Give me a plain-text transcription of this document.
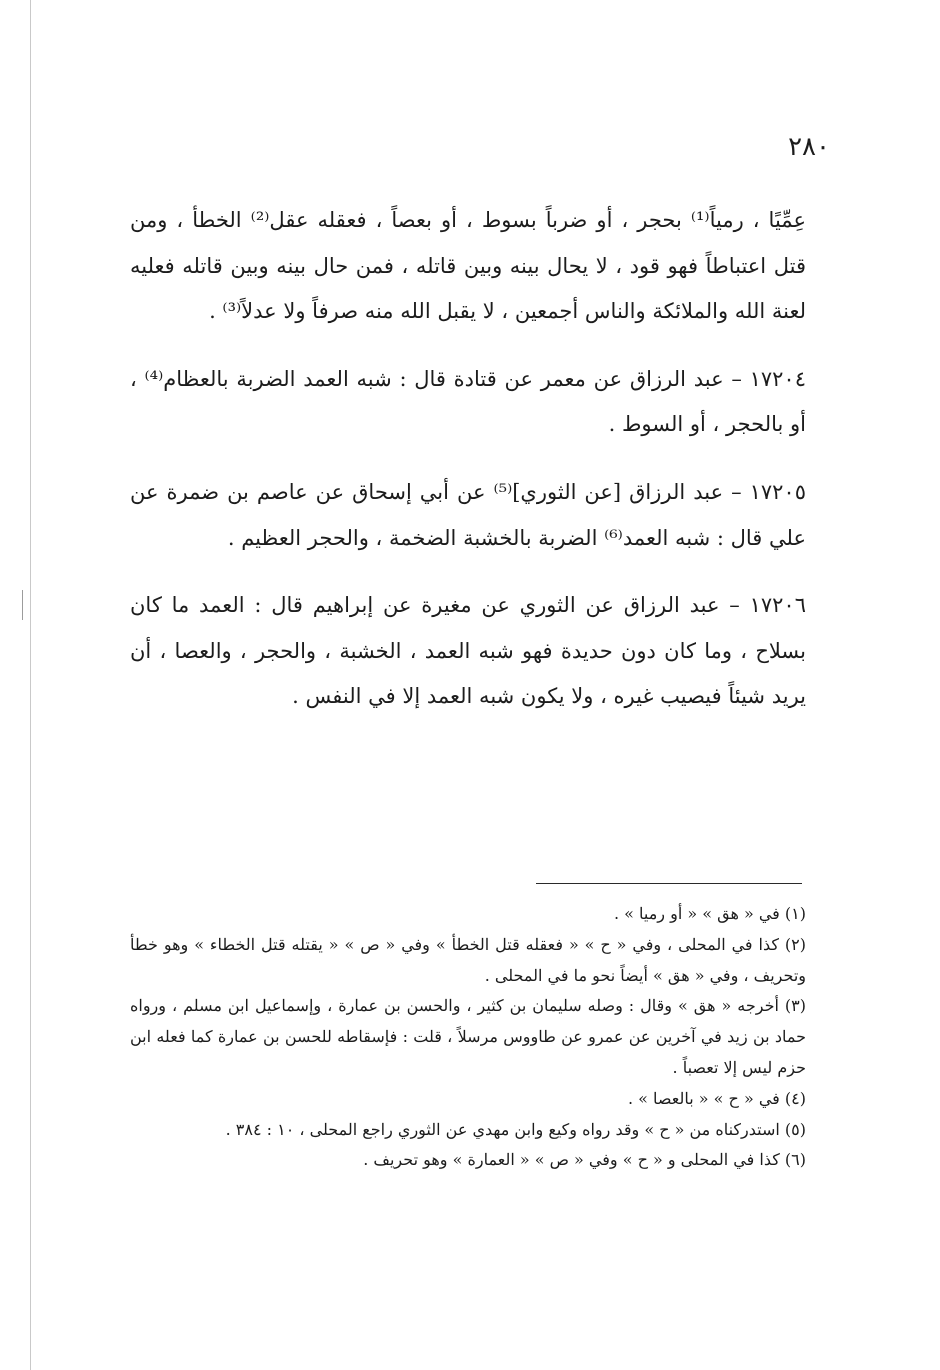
٢٨٠

عِمِّيًا ، رمياً⁽¹⁾ بحجر ، أو ضرباً بسوط ، أو بعصاً ، فعقله عقل⁽²⁾ الخطأ ، ومن قتل اعتباطاً فهو قود ، لا يحال بينه وبين قاتله ، فمن حال بينه وبين قاتله فعليه لعنة الله والملائكة والناس أجمعين ، لا يقبل الله منه صرفاً ولا عدلاً⁽³⁾ .

١٧٢٠٤ – عبد الرزاق عن معمر عن قتادة قال : شبه العمد الضربة بالعظام⁽⁴⁾ ، أو بالحجر ، أو السوط .

١٧٢٠٥ – عبد الرزاق [عن الثوري]⁽⁵⁾ عن أبي إسحاق عن عاصم بن ضمرة عن علي قال : شبه العمد⁽⁶⁾ الضربة بالخشبة الضخمة ، والحجر العظيم .

١٧٢٠٦ – عبد الرزاق عن الثوري عن مغيرة عن إبراهيم قال : العمد ما كان بسلاح ، وما كان دون حديدة فهو شبه العمد ، الخشبة ، والحجر ، والعصا ، أن يريد شيئاً فيصيب غيره ، ولا يكون شبه العمد إلا في النفس .

(١) في « هق » « أو رميا » .

(٢) كذا في المحلى ، وفي « ح » « فعقله قتل الخطأ » وفي « ص » « يقتله قتل الخطاء » وهو خطأ وتحريف ، وفي « هق » أيضاً نحو ما في المحلى .

(٣) أخرجه « هق » وقال : وصله سليمان بن كثير ، والحسن بن عمارة ، وإسماعيل ابن مسلم ، ورواه حماد بن زيد في آخرين عن عمرو عن طاووس مرسلاً ، قلت : فإسقاطه للحسن بن عمارة كما فعله ابن حزم ليس إلا تعصباً .

(٤) في « ح » « بالعصا » .

(٥) استدركناه من « ح » وقد رواه وكيع وابن مهدي عن الثوري راجع المحلى ، ١٠ : ٣٨٤ .

(٦) كذا في المحلى و « ح » وفي « ص » « العمارة » وهو تحريف .
